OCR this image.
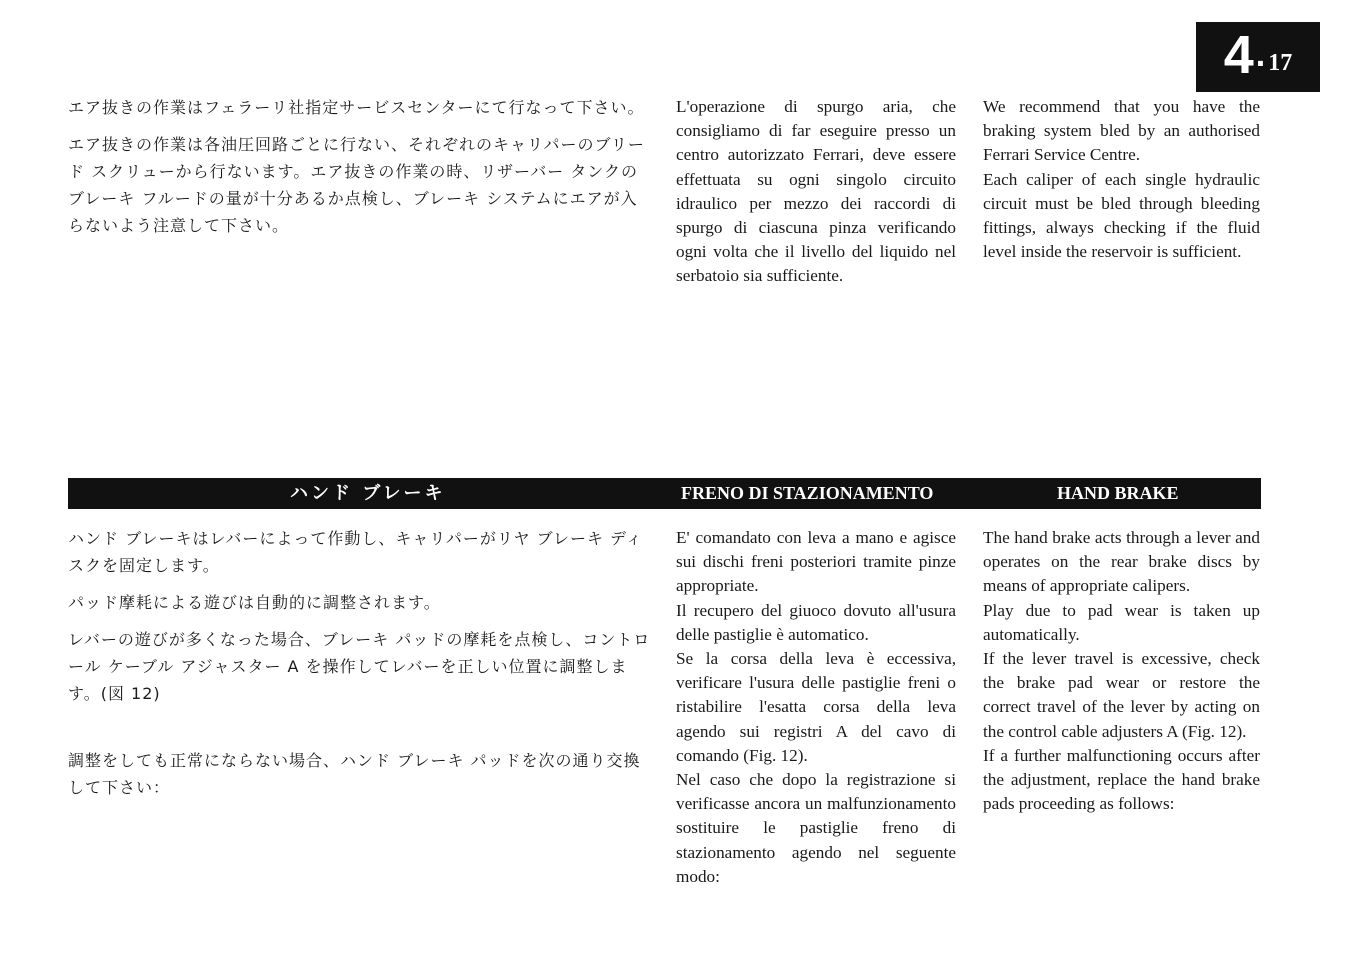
4 . 17

エア抜きの作業はフェラーリ社指定サービスセンターにて行なって下さい。

エア抜きの作業は各油圧回路ごとに行ない、それぞれのキャリパーのブリード スクリューから行ないます。エア抜きの作業の時、リザーバー タンクのブレーキ フルードの量が十分あるか点検し、ブレーキ システムにエアが入らないよう注意して下さい。

L'operazione di spurgo aria, che consigliamo di far eseguire presso un centro autorizzato Ferrari, deve essere effettuata su ogni singolo circuito idraulico per mezzo dei raccordi di spurgo di ciascuna pinza verificando ogni volta che il livello del liquido nel serbatoio sia sufficiente.

We recommend that you have the braking system bled by an authorised Ferrari Service Centre.

Each caliper of each single hydraulic circuit must be bled through bleeding fittings, always checking if the fluid level inside the reservoir is sufficient.

ハンド ブレーキ	FRENO DI STAZIONAMENTO	HAND BRAKE

ハンド ブレーキはレバーによって作動し、キャリパーがリヤ ブレーキ ディスクを固定します。

パッド摩耗による遊びは自動的に調整されます。

レバーの遊びが多くなった場合、ブレーキ パッドの摩耗を点検し、コントロール ケーブル アジャスター A を操作してレバーを正しい位置に調整します。(図 12)

調整をしても正常にならない場合、ハンド ブレーキ パッドを次の通り交換して下さい：

E' comandato con leva a mano e agisce sui dischi freni posteriori tramite pinze appropriate.

Il recupero del giuoco dovuto all'usura delle pastiglie è automatico.

Se la corsa della leva è eccessiva, verificare l'usura delle pastiglie freni o ristabilire l'esatta corsa della leva agendo sui registri A del cavo di comando (Fig. 12).

Nel caso che dopo la registrazione si verificasse ancora un malfunzionamento sostituire le pastiglie freno di stazionamento agendo nel seguente modo:

The hand brake acts through a lever and operates on the rear brake discs by means of appropriate calipers.

Play due to pad wear is taken up automatically.

If the lever travel is excessive, check the brake pad wear or restore the correct travel of the lever by acting on the control cable adjusters A (Fig. 12).

If a further malfunctioning occurs after the adjustment, replace the hand brake pads proceeding as follows:
